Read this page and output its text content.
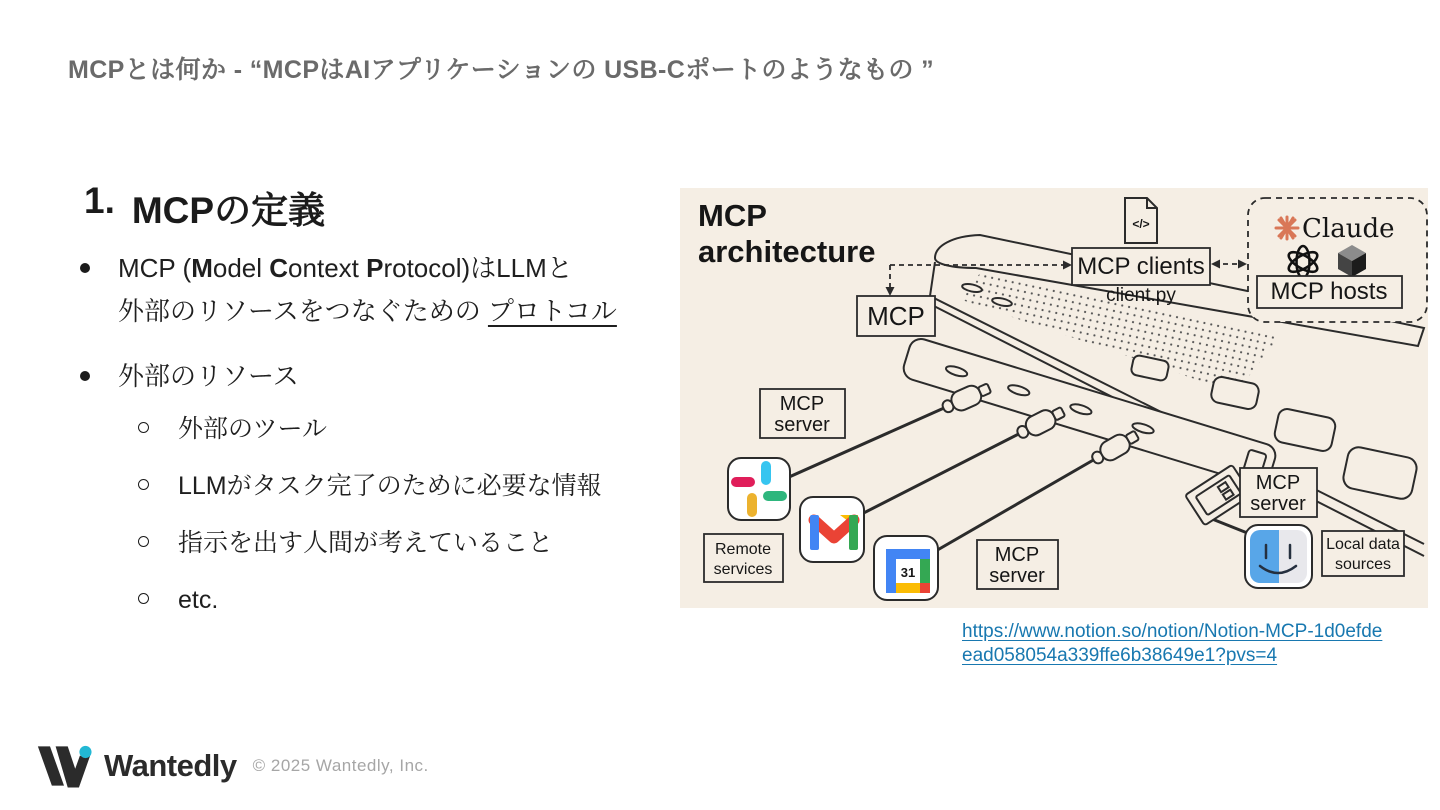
MCPとは何か - “MCPはAIアプリケーションの USB-Cポートのようなもの ”
1. MCPの定義
MCP (Model Context Protocol)はLLMと
外部のリソースをつなぐための プロトコル
外部のリソース
外部のツール
LLMがタスク完了のために必要な情報
指示を出す人間が考えていること
etc.
MCP
architecture
MCP
</>
MCP clients
client.py
Claude
MCP hosts
MCP
server
Remote
services	31
MCP
server
MCP
server
Local data
sources
https://www.notion.so/notion/Notion-MCP-1d0efde
ead058054a339ffe6b38649e1?pvs=4
Wantedly © 2025 Wantedly, Inc.
